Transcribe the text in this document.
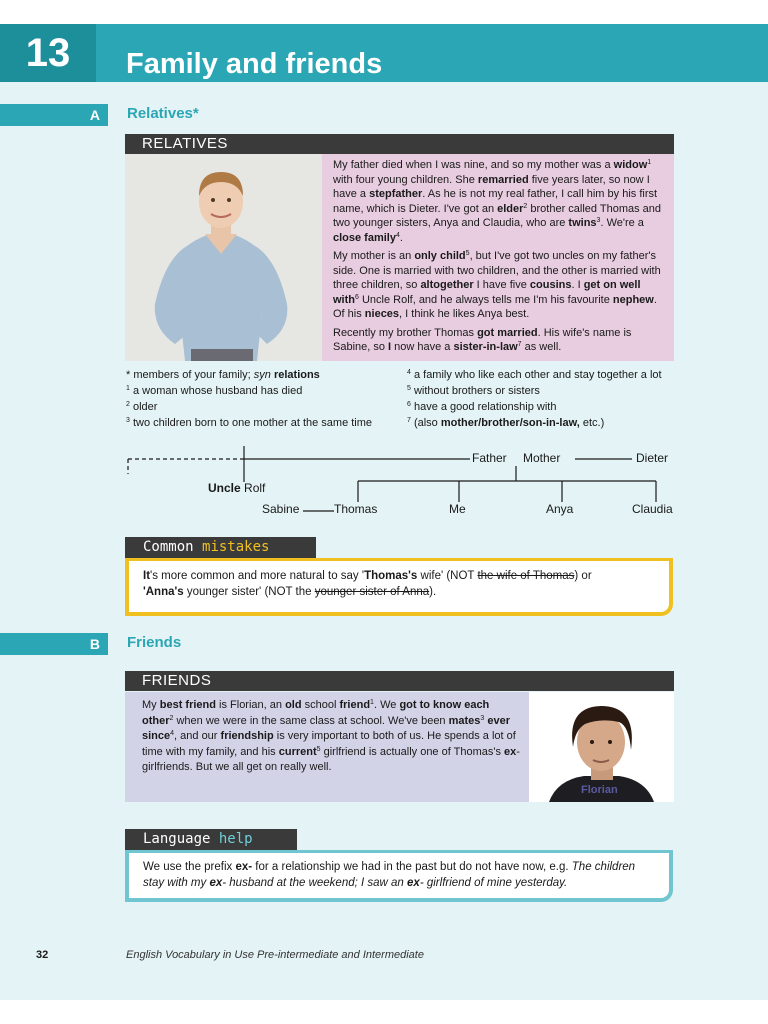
13	Family and friends
A	Relatives*
RELATIVES

My father died when I was nine, and so my mother was a widow$^1$ with four young children. She remarried five years later, so now I have a stepfather. As he is not my real father, I call him by his first name, which is Dieter. I've got an elder$^2$ brother called Thomas and two younger sisters, Anya and Claudia, who are twins$^3$. We're a close family$^4$.

My mother is an only child$^5$, but I've got two uncles on my father's side. One is married with two children, and the other is married with three children, so altogether I have five cousins. I get on well with$^6$ Uncle Rolf, and he always tells me I'm his favourite nephew. Of his nieces, I think he likes Anya best.

Recently my brother Thomas got married. His wife's name is Sabine, so I now have a sister-in-law$^7$ as well.

* members of your family; syn relations
$^1$ a woman whose husband has died
$^2$ older
$^3$ two children born to one mother at the same time
$^4$ a family who like each other and stay together a lot
$^5$ without brothers or sisters
$^6$ have a good relationship with
$^7$ (also mother/brother/son-in-law, etc.)
Father Mother	Dieter
Uncle Rolf
Sabine	Thomas	Me	Anya	Claudia
Common mistakes
It's more common and more natural to say 'Thomas's wife' (NOT the wife of Thomas) or
'Anna's younger sister' (NOT the younger sister of Anna).
B	Friends
FRIENDS
My best friend is Florian, an old school friend$^1$. We got to know each other$^2$ when we were in the same class at school. We've been mates$^3$ ever since$^4$, and our friendship is very important to both of us. He spends a lot of time with my family, and his current$^5$ girlfriend is actually one of Thomas's ex-girlfriends. But we all get on really well.
Florian
Language help
We use the prefix ex- for a relationship we had in the past but do not have now, e.g. The children stay with my ex- husband at the weekend; I saw an ex- girlfriend of mine yesterday.
32	English Vocabulary in Use Pre-intermediate and Intermediate
